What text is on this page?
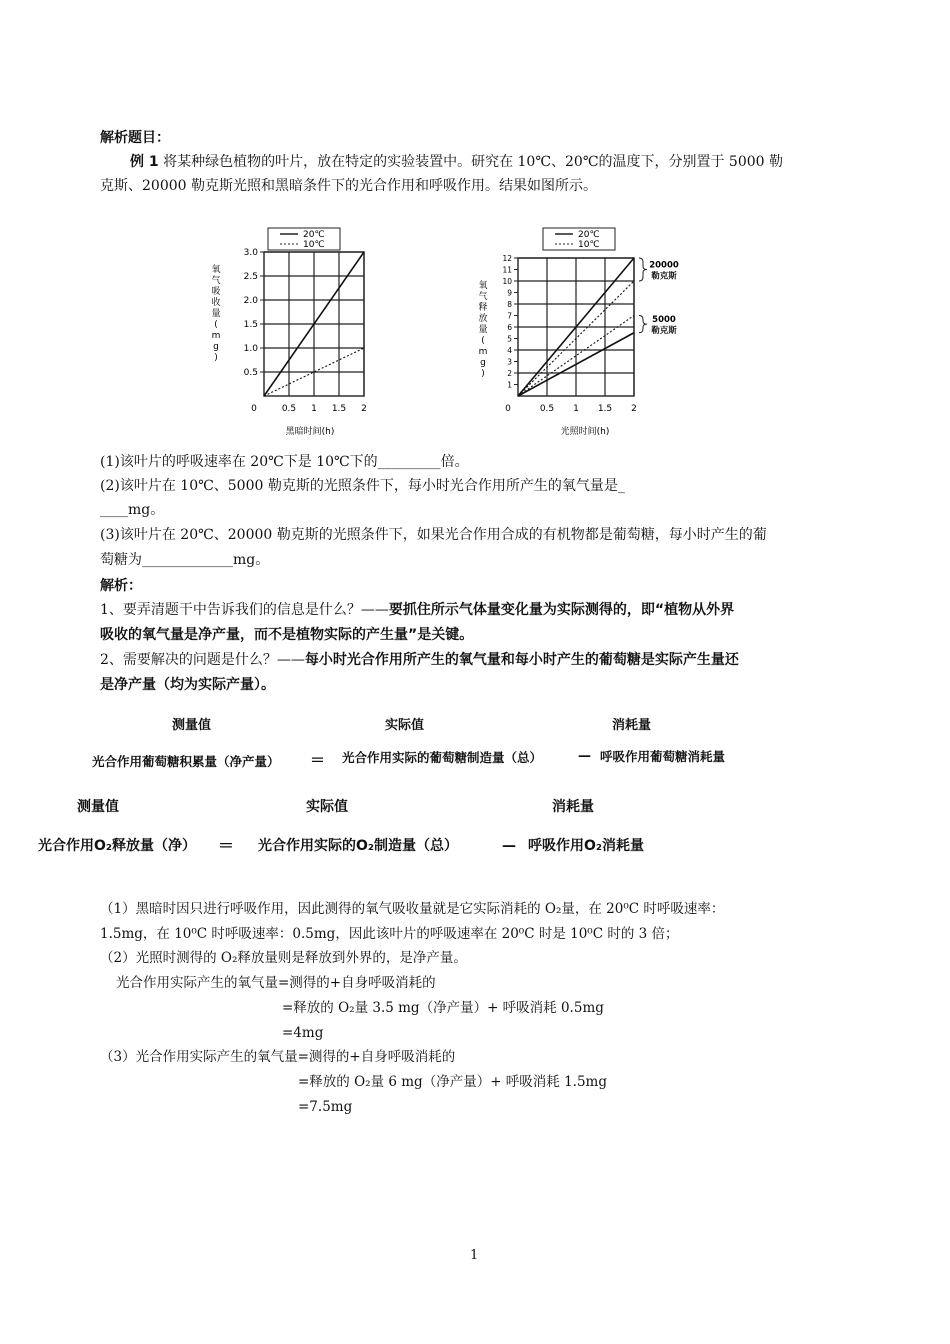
解析题目：
例 1 将某种绿色植物的叶片，放在特定的实验装置中。研究在 10℃、20℃的温度下，分别置于 5000 勒
克斯、20000 勒克斯光照和黑暗条件下的光合作用和呼吸作用。结果如图所示。
20℃
10℃
0.5 1 1.5 2
0.5
1.0
1.5
2.0
2.5
3.0
0
氧气吸收量( m g )
黑暗时间(h)
20℃
10℃
0.5 1 1.5 2
1
2
3
4
5
6
7
8
9
10
11
12
0
20000
勒克斯
5000
勒克斯
氧气释放量( m g )
光照时间(h)
(1)该叶片的呼吸速率在 20℃下是 10℃下的_________倍。
(2)该叶片在 10℃、5000 勒克斯的光照条件下，每小时光合作用所产生的氧气量是_
____mg。
(3)该叶片在 20℃、20000 勒克斯的光照条件下，如果光合作用合成的有机物都是葡萄糖，每小时产生的葡
萄糖为_____________mg。
解析：
1、要弄清题干中告诉我们的信息是什么？——要抓住所示气体量变化量为实际测得的，即“植物从外界
吸收的氧气量是净产量，而不是植物实际的产生量”是关键。
2、需要解决的问题是什么？——每小时光合作用所产生的氧气量和每小时产生的葡萄糖是实际产生量还
是净产量（均为实际产量）。
测量值	实际值	消耗量
光合作用葡萄糖积累量（净产量） ＝ 光合作用实际的葡萄糖制造量（总）	— 呼吸作用葡萄糖消耗量
测量值	实际值	消耗量
光合作用O₂释放量（净） ＝ 光合作用实际的O₂制造量（总）	— 呼吸作用O₂消耗量
（1）黑暗时因只进行呼吸作用，因此测得的氧气吸收量就是它实际消耗的 O₂量，在 20⁰C 时呼吸速率：
1.5mg，在 10⁰C 时呼吸速率：0.5mg，因此该叶片的呼吸速率在 20⁰C 时是 10⁰C 时的 3 倍；
（2）光照时测得的 O₂释放量则是释放到外界的，是净产量。
光合作用实际产生的氧气量=测得的+自身呼吸消耗的
=释放的 O₂量 3.5 mg（净产量）+ 呼吸消耗 0.5mg
=4mg
（3）光合作用实际产生的氧气量=测得的+自身呼吸消耗的
=释放的 O₂量 6 mg（净产量）+ 呼吸消耗 1.5mg
=7.5mg
1
